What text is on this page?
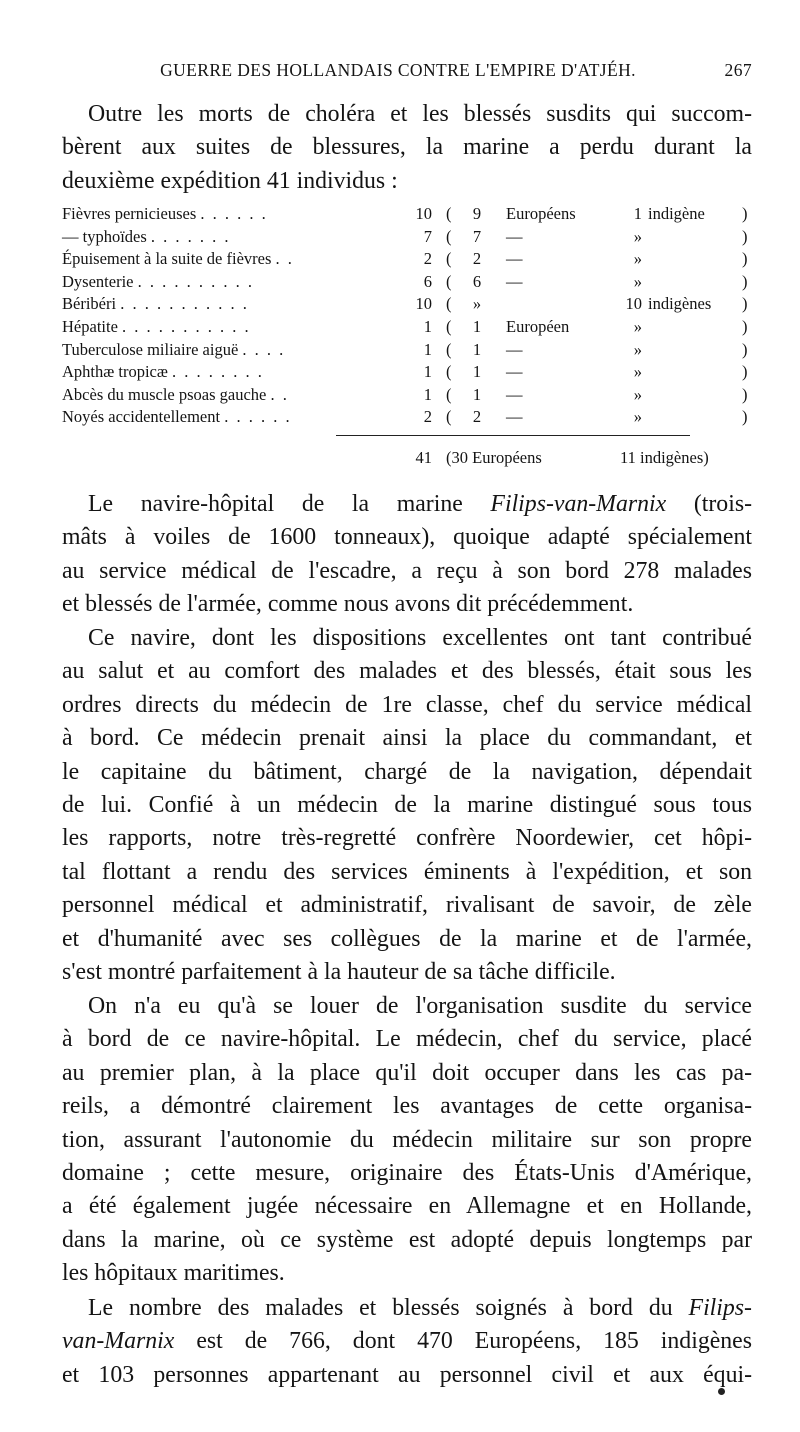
GUERRE DES HOLLANDAIS CONTRE L'EMPIRE D'ATJÉH.	267
Outre les morts de choléra et les blessés susdits qui succom-
bèrent aux suites de blessures, la marine a perdu durant la
deuxième expédition 41 individus :
Fièvres pernicieuses . . . . . .	10 (	9	Européens	1 indigène	)
— typhoïdes . . . . . . .	7 (	7	—	»	)
Épuisement à la suite de fièvres . .	2 (	2	—	»	)
Dysenterie . . . . . . . . . .	6 (	6	—	»	)
Béribéri . . . . . . . . . . .	10 (	»	10 indigènes	)
Hépatite . . . . . . . . . . .	1 (	1	Européen	»	)
Tuberculose miliaire aiguë . . . .	1 (	1	—	»	)
Aphthæ tropicæ . . . . . . . .	1 (	1	—	»	)
Abcès du muscle psoas gauche . .	1 (	1	—	»	)
Noyés accidentellement . . . . . .	2 (	2	—	»	)
41 (30 Européens	11 indigènes)
Le navire-hôpital de la marine Filips-van-Marnix (trois-
mâts à voiles de 1600 tonneaux), quoique adapté spécialement
au service médical de l'escadre, a reçu à son bord 278 malades
et blessés de l'armée, comme nous avons dit précédemment.
Ce navire, dont les dispositions excellentes ont tant contribué
au salut et au comfort des malades et des blessés, était sous les
ordres directs du médecin de 1re classe, chef du service médical
à bord. Ce médecin prenait ainsi la place du commandant, et
le capitaine du bâtiment, chargé de la navigation, dépendait
de lui. Confié à un médecin de la marine distingué sous tous
les rapports, notre très-regretté confrère Noordewier, cet hôpi-
tal flottant a rendu des services éminents à l'expédition, et son
personnel médical et administratif, rivalisant de savoir, de zèle
et d'humanité avec ses collègues de la marine et de l'armée,
s'est montré parfaitement à la hauteur de sa tâche difficile.
On n'a eu qu'à se louer de l'organisation susdite du service
à bord de ce navire-hôpital. Le médecin, chef du service, placé
au premier plan, à la place qu'il doit occuper dans les cas pa-
reils, a démontré clairement les avantages de cette organisa-
tion, assurant l'autonomie du médecin militaire sur son propre
domaine ; cette mesure, originaire des États-Unis d'Amérique,
a été également jugée nécessaire en Allemagne et en Hollande,
dans la marine, où ce système est adopté depuis longtemps par
les hôpitaux maritimes.
Le nombre des malades et blessés soignés à bord du Filips-
van-Marnix est de 766, dont 470 Européens, 185 indigènes
et 103 personnes appartenant au personnel civil et aux équi-
